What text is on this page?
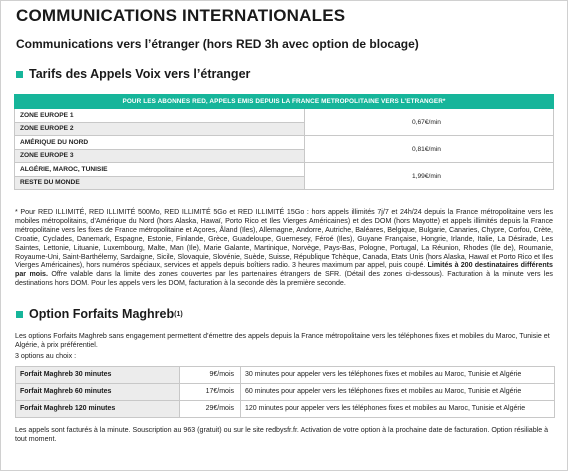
COMMUNICATIONS INTERNATIONALES
Communications vers l’étranger (hors RED 3h avec option de blocage)
Tarifs des Appels Voix vers l’étranger
POUR LES ABONNES RED, APPELS EMIS DEPUIS LA FRANCE METROPOLITAINE VERS L’ETRANGER*	
ZONE EUROPE 1	0,67€/min
ZONE EUROPE 2	
AMÉRIQUE DU NORD	0,81€/min
ZONE EUROPE 3	
ALGÉRIE, MAROC, TUNISIE	1,99€/min
RESTE DU MONDE	
* Pour RED ILLIMITÉ, RED ILLIMITÉ 500Mo, RED ILLIMITÉ 5Go et RED ILLIMITÉ 15Go : hors appels illimités 7j/7 et 24h/24 depuis la France métropolitaine vers les mobiles métropolitains, d’Amérique du Nord (hors Alaska, Hawaï, Porto Rico et Iles Vierges Américaines) et des DOM (hors Mayotte) et appels illimités depuis la France métropolitaine vers les fixes de France métropolitaine et Açores, Åland (Iles), Allemagne, Andorre, Autriche, Baléares, Belgique, Bulgarie, Canaries, Chypre, Corfou, Crète, Croatie, Cyclades, Danemark, Espagne, Estonie, Finlande, Grèce, Guadeloupe, Guernesey, Féroé (Iles), Guyane Française, Hongrie, Irlande, Italie, La Désirade, Les Saintes, Lettonie, Lituanie, Luxembourg, Malte, Man (Ile), Marie Galante, Martinique, Norvège, Pays-Bas, Pologne, Portugal, La Réunion, Rhodes (Ile de), Roumanie, Royaume-Uni, Saint-Barthélemy, Sardaigne, Sicile, Slovaquie, Slovénie, Suède, Suisse, République Tchèque, Canada, Etats Unis (hors Alaska, Hawaï et Porto Rico et Iles Vierges Américaines), hors numéros spéciaux, services et appels depuis boîtiers radio. 3 heures maximum par appel, puis coupé. Limités à 200 destinataires différents par mois. Offre valable dans la limite des zones couvertes par les partenaires étrangers de SFR. (Détail des zones ci-dessous). Facturation à la minute vers les destinations hors DOM. Pour les appels vers les DOM, facturation à la seconde dès la première seconde.
Option Forfaits Maghreb (1)
Les options Forfaits Maghreb sans engagement permettent d’émettre des appels depuis la France métropolitaine vers les téléphones fixes et mobiles du Maroc, Tunisie et Algérie, à prix préférentiel.
3 options au choix :
Forfait Maghreb 30 minutes	9€/mois	30 minutes pour appeler vers les téléphones fixes et mobiles au Maroc, Tunisie et Algérie
Forfait Maghreb 60 minutes	17€/mois	60 minutes pour appeler vers les téléphones fixes et mobiles au Maroc, Tunisie et Algérie
Forfait Maghreb 120 minutes	29€/mois	120 minutes pour appeler vers les téléphones fixes et mobiles au Maroc, Tunisie et Algérie
Les appels sont facturés à la minute. Souscription au 963 (gratuit) ou sur le site redbysfr.fr. Activation de votre option à la prochaine date de facturation. Option résiliable à tout moment.
